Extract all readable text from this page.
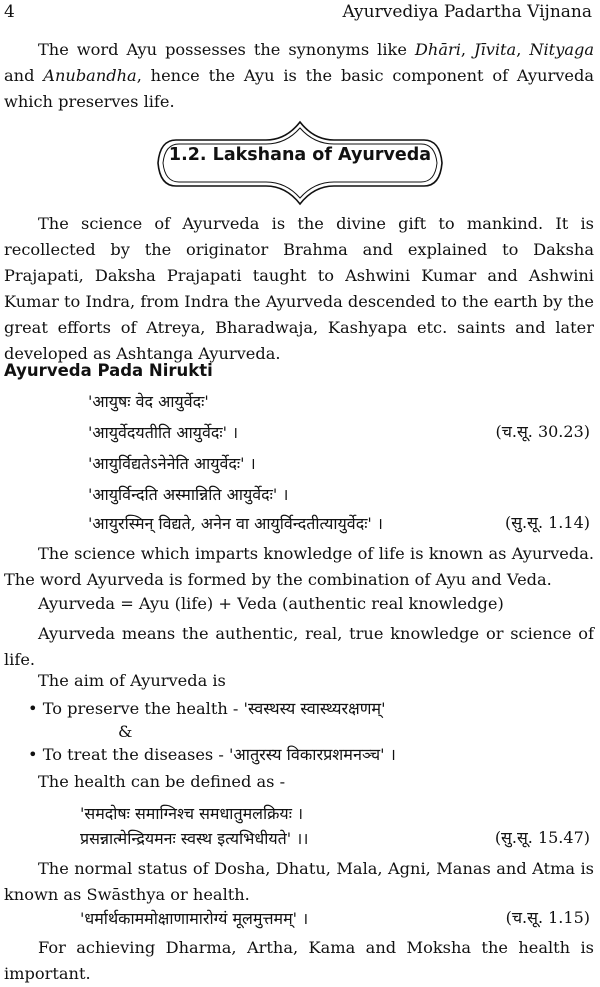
4	Ayurvediya Padartha Vijnana

The word Ayu possesses the synonyms like Dhāri, Jīvita, Nityaga and Anubandha, hence the Ayu is the basic component of Ayurveda which preserves life.

1.2. Lakshana of Ayurveda

The science of Ayurveda is the divine gift to mankind. It is recollected by the originator Brahma and explained to Daksha Prajapati, Daksha Prajapati taught to Ashwini Kumar and Ashwini Kumar to Indra, from Indra the Ayurveda descended to the earth by the great efforts of Atreya, Bharadwaja, Kashyapa etc. saints and later developed as Ashtanga Ayurveda.

Ayurveda Pada Nirukti
'आयुषः वेद आयुर्वेदः'
'आयुर्वेदयतीति आयुर्वेदः' ।	(च.सू. 30.23)
'आयुर्विद्यतेऽनेनेति आयुर्वेदः' ।
'आयुर्विन्दति अस्मान्निति आयुर्वेदः' ।
'आयुरस्मिन् विद्यते, अनेन वा आयुर्विन्दतीत्यायुर्वेदः' ।	(सु.सू. 1.14)

The science which imparts knowledge of life is known as Ayurveda. The word Ayurveda is formed by the combination of Ayu and Veda.

Ayurveda = Ayu (life) + Veda (authentic real knowledge)

Ayurveda means the authentic, real, true knowledge or science of life.

The aim of Ayurveda is
• To preserve the health - 'स्वस्थस्य स्वास्थ्यरक्षणम्'
&
• To treat the diseases - 'आतुरस्य विकारप्रशमनञ्च' ।
The health can be defined as -
'समदोषः समाग्निश्च समधातुमलक्रियः ।
प्रसन्नात्मेन्द्रियमनः स्वस्थ इत्यभिधीयते' ।।	(सु.सू. 15.47)

The normal status of Dosha, Dhatu, Mala, Agni, Manas and Atma is known as Swāsthya or health.

'धर्मार्थकाममोक्षाणामारोग्यं मूलमुत्तमम्' ।	(च.सू. 1.15)

For achieving Dharma, Artha, Kama and Moksha the health is important.
